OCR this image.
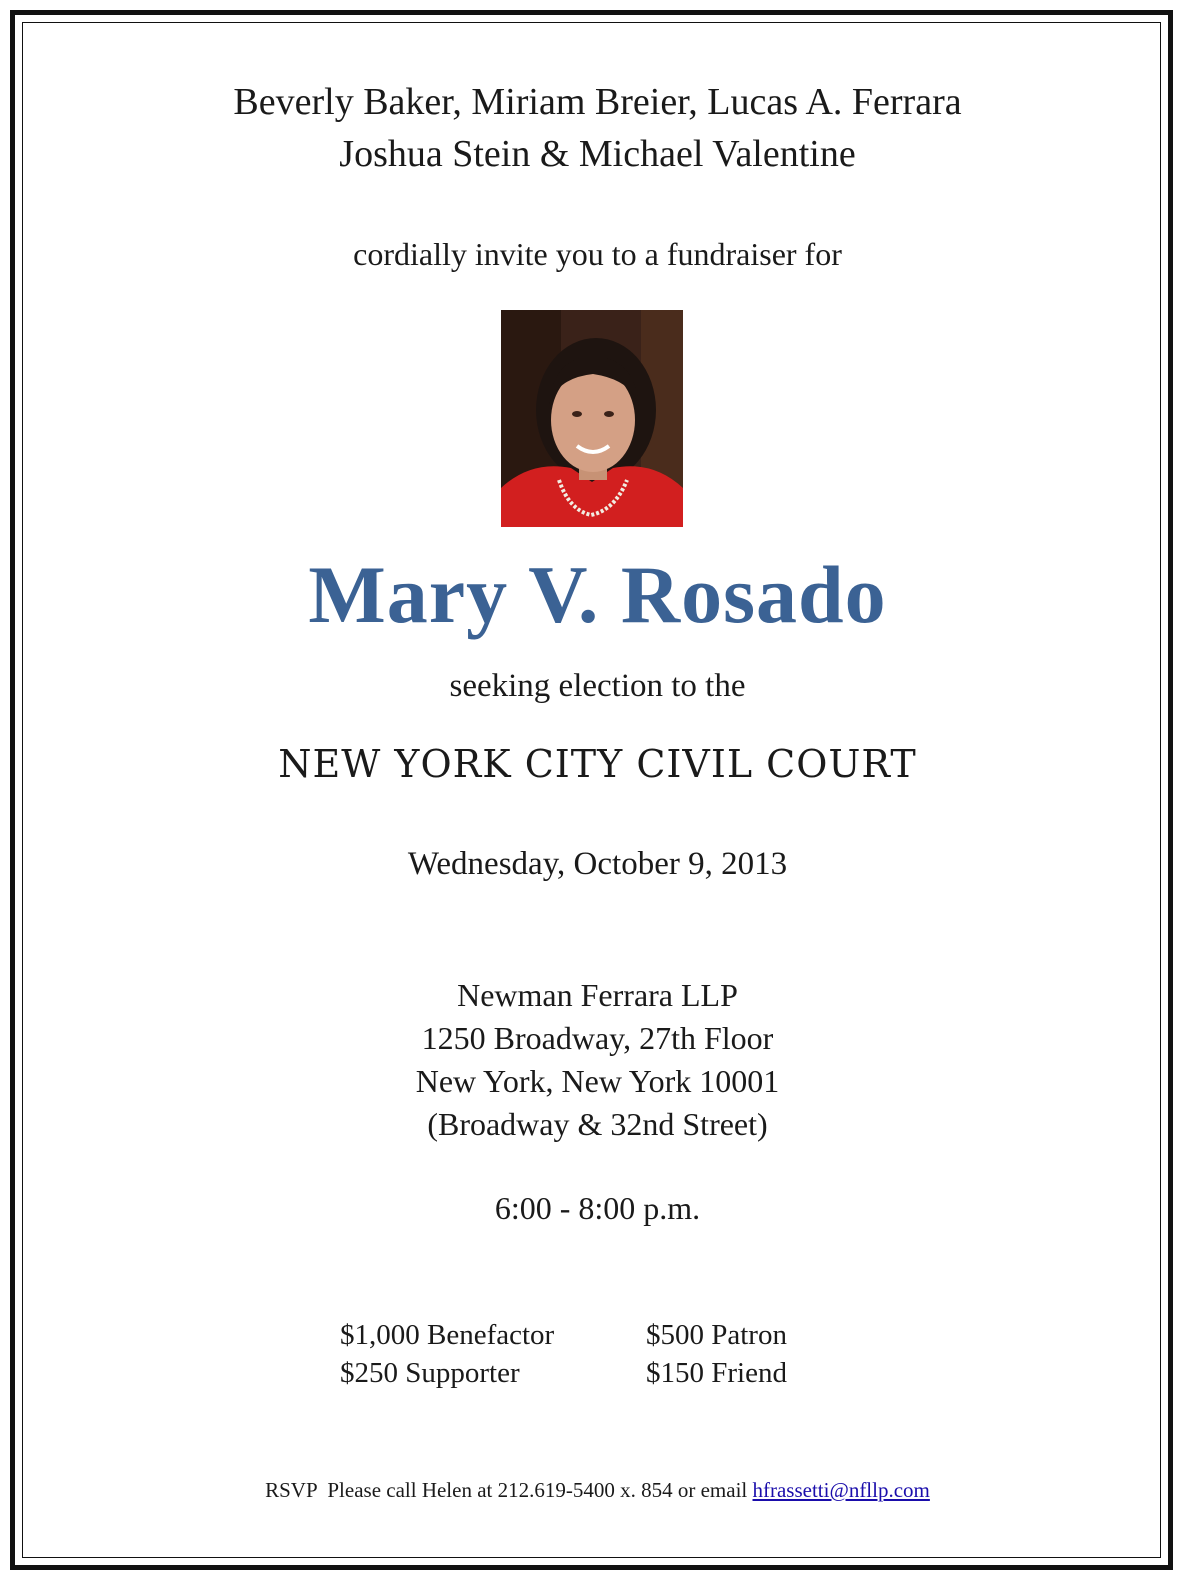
Beverly Baker, Miriam Breier, Lucas A. Ferrara
Joshua Stein & Michael Valentine
cordially invite you to a fundraiser for
Mary V. Rosado
seeking election to the
NEW YORK CITY CIVIL COURT
Wednesday, October 9, 2013
Newman Ferrara LLP
1250 Broadway, 27th Floor
New York, New York 10001
(Broadway & 32nd Street)
6:00 - 8:00 p.m.
$1,000 Benefactor	$500 Patron
$250 Supporter	$150 Friend
RSVP  Please call Helen at 212.619-5400 x. 854 or email hfrassetti@nfllp.com
